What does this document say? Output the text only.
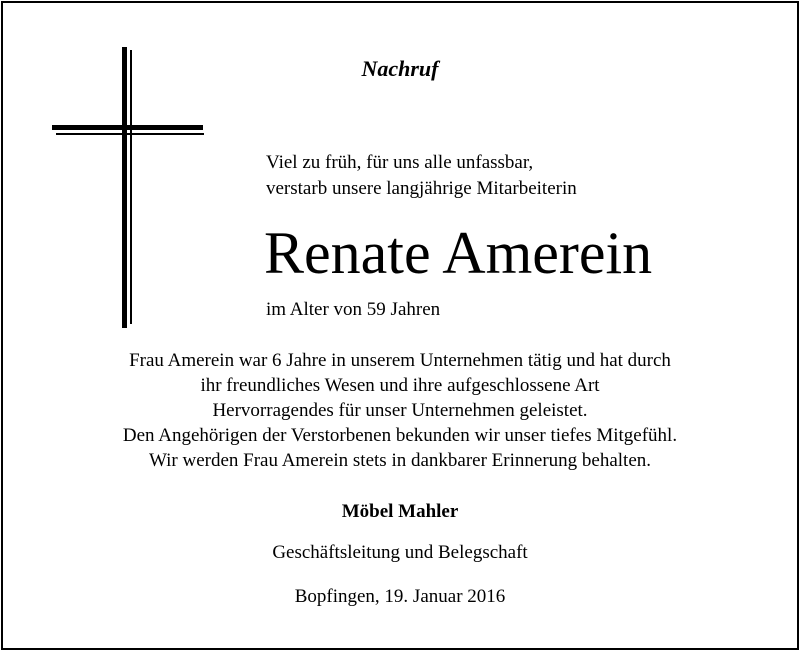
Nachruf
Viel zu früh, für uns alle unfassbar,
verstarb unsere langjährige Mitarbeiterin
Renate Amerein
im Alter von 59 Jahren
Frau Amerein war 6 Jahre in unserem Unternehmen tätig und hat durch
ihr freundliches Wesen und ihre aufgeschlossene Art
Hervorragendes für unser Unternehmen geleistet.
Den Angehörigen der Verstorbenen bekunden wir unser tiefes Mitgefühl.
Wir werden Frau Amerein stets in dankbarer Erinnerung behalten.
Möbel Mahler
Geschäftsleitung und Belegschaft
Bopfingen, 19. Januar 2016
